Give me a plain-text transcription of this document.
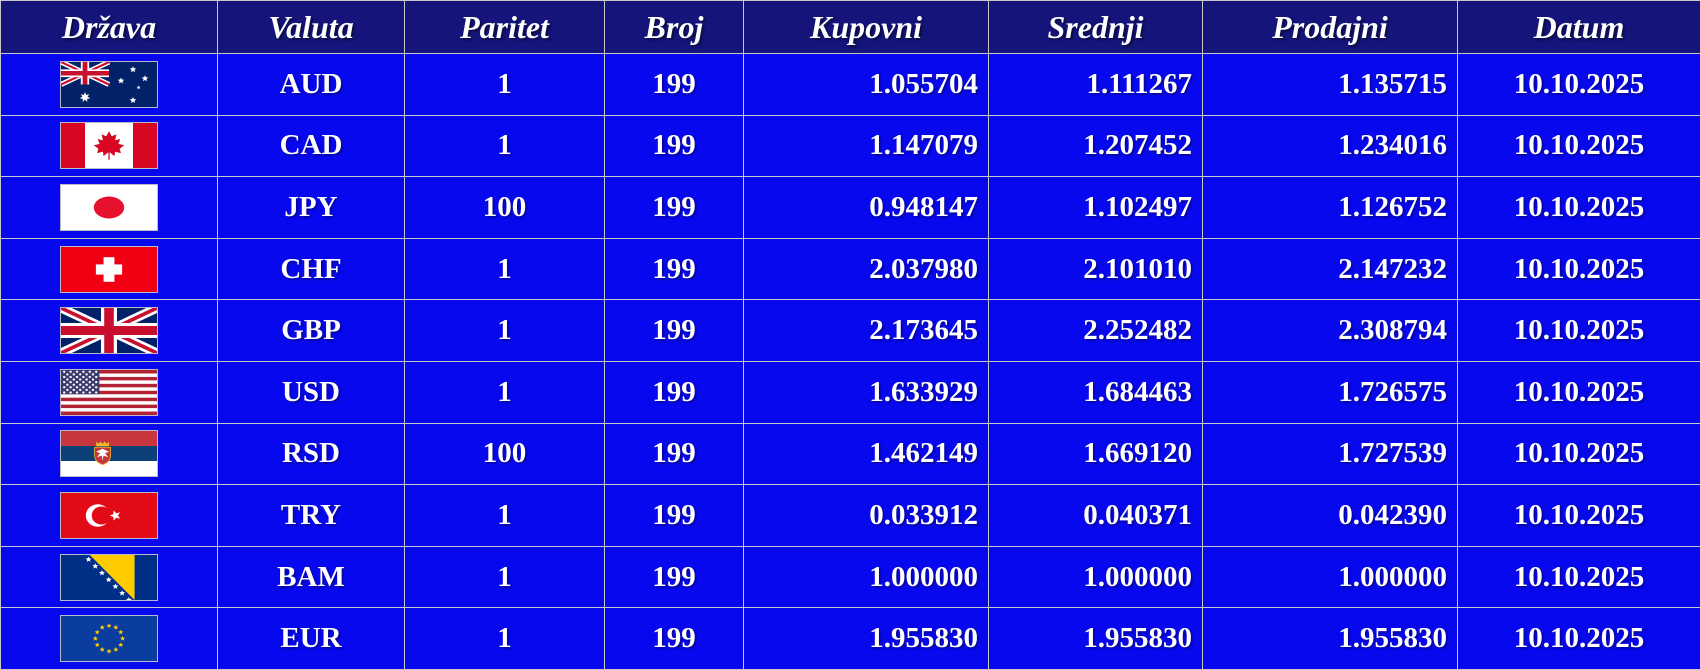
Država	Valuta	Paritet	Broj	Kupovni	Srednji	Prodajni	Datum

	AUD	1	199	1.055704	1.111267	1.135715	10.10.2025

	CAD	1	199	1.147079	1.207452	1.234016	10.10.2025

	JPY	100	199	0.948147	1.102497	1.126752	10.10.2025

	CHF	1	199	2.037980	2.101010	2.147232	10.10.2025

	GBP	1	199	2.173645	2.252482	2.308794	10.10.2025

	USD	1	199	1.633929	1.684463	1.726575	10.10.2025

	RSD	100	199	1.462149	1.669120	1.727539	10.10.2025

	TRY	1	199	0.033912	0.040371	0.042390	10.10.2025

	BAM	1	199	1.000000	1.000000	1.000000	10.10.2025

	EUR	1	199	1.955830	1.955830	1.955830	10.10.2025
